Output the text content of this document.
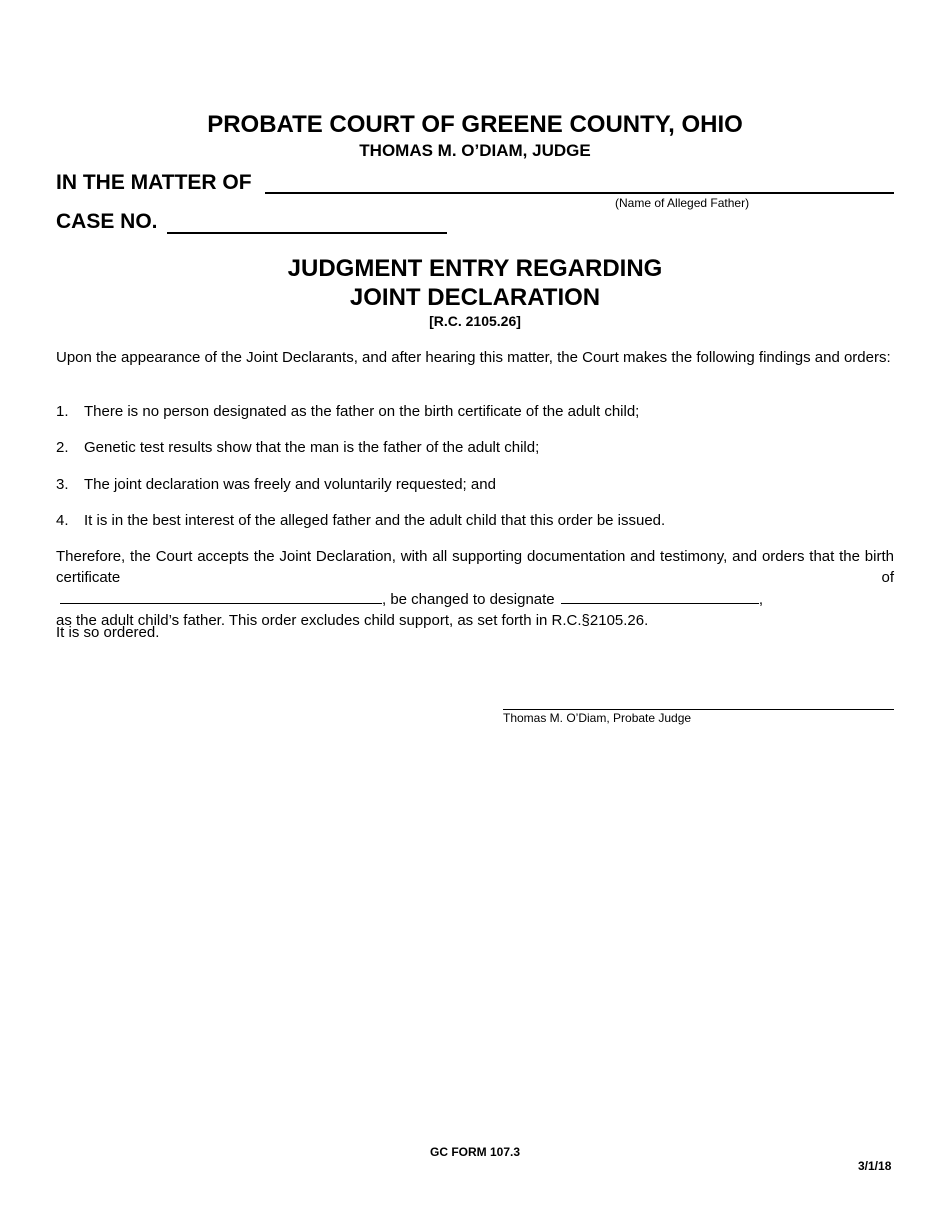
PROBATE COURT OF GREENE COUNTY, OHIO
THOMAS M. O’DIAM, JUDGE
IN THE MATTER OF
(Name of Alleged Father)
CASE NO.
JUDGMENT ENTRY REGARDING
JOINT DECLARATION
[R.C. 2105.26]
Upon the appearance of the Joint Declarants, and after hearing this matter, the Court makes the following findings and orders:
1. There is no person designated as the father on the birth certificate of the adult child;
2. Genetic test results show that the man is the father of the adult child;
3. The joint declaration was freely and voluntarily requested; and
4. It is in the best interest of the alleged father and the adult child that this order be issued.
Therefore, the Court accepts the Joint Declaration, with all supporting documentation and testimony, and orders that the birth certificate of
, be changed to designate	,
as the adult child’s father. This order excludes child support, as set forth in R.C.§2105.26.
It is so ordered.
Thomas M. O’Diam, Probate Judge
GC FORM 107.3
3/1/18
